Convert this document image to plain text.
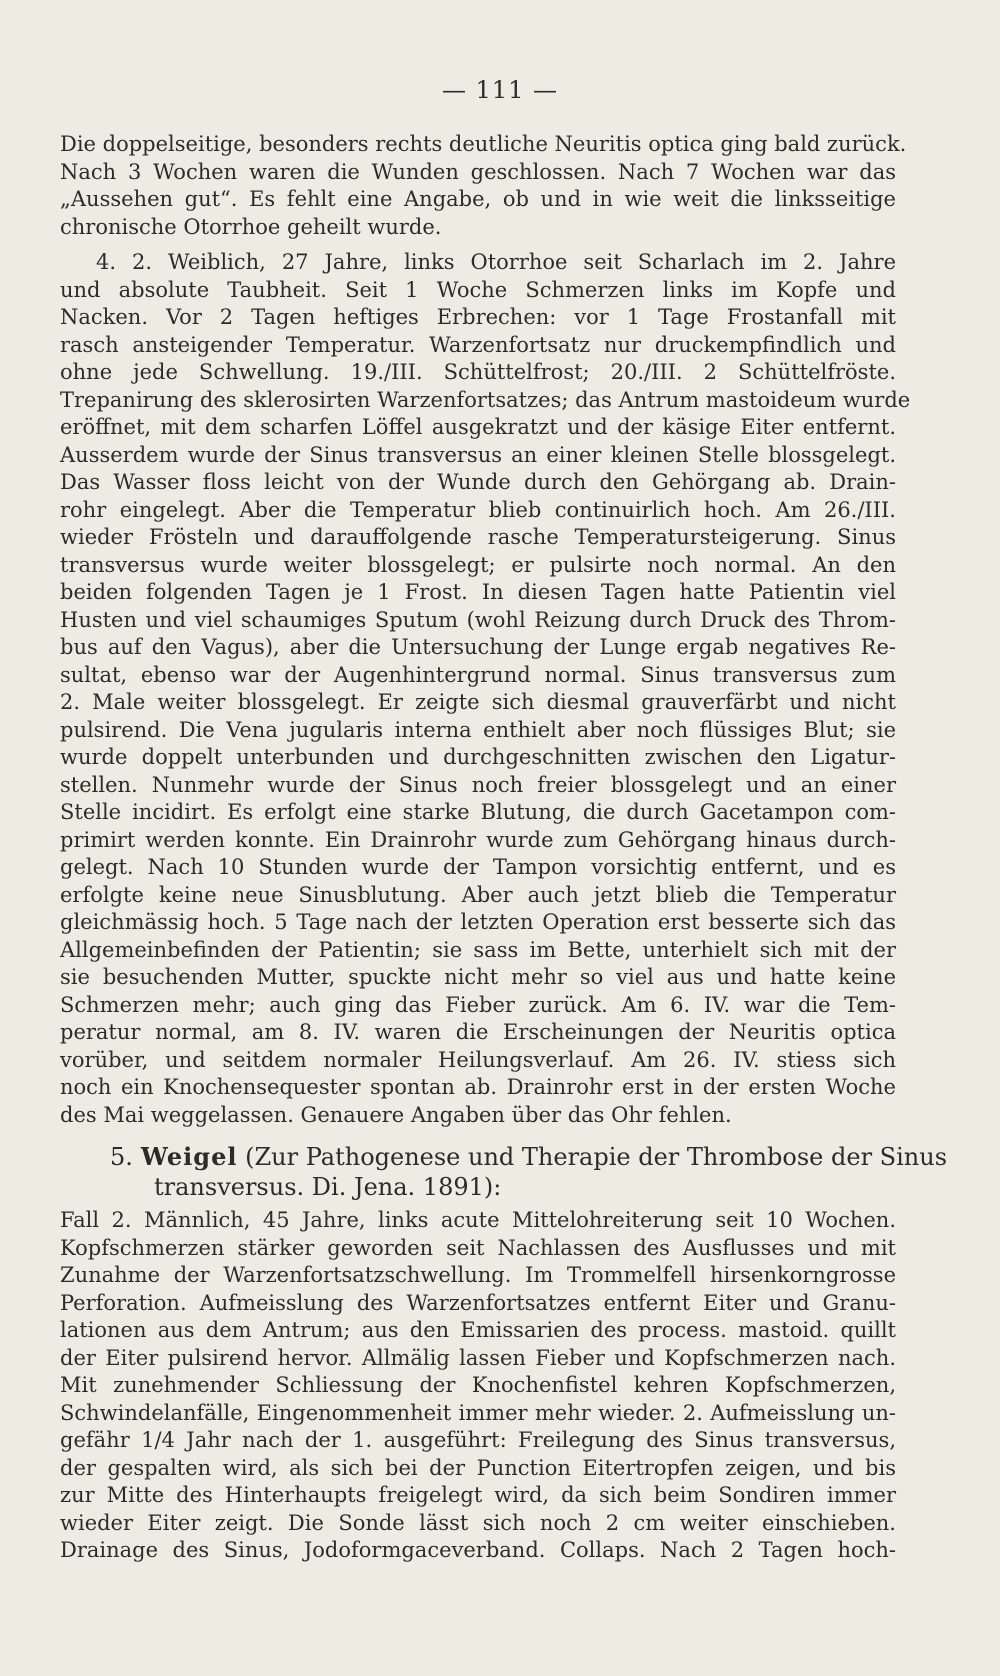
— 111 —
Die doppelseitige, besonders rechts deutliche Neuritis optica ging bald zurück.
Nach 3 Wochen waren die Wunden geschlossen. Nach 7 Wochen war das
„Aussehen gut“. Es fehlt eine Angabe, ob und in wie weit die linksseitige
chronische Otorrhoe geheilt wurde.
4. 2. Weiblich, 27 Jahre, links Otorrhoe seit Scharlach im 2. Jahre
und absolute Taubheit. Seit 1 Woche Schmerzen links im Kopfe und
Nacken. Vor 2 Tagen heftiges Erbrechen: vor 1 Tage Frostanfall mit
rasch ansteigender Temperatur. Warzenfortsatz nur druckempfindlich und
ohne jede Schwellung. 19./III. Schüttelfrost; 20./III. 2 Schüttelfröste.
Trepanirung des sklerosirten Warzenfortsatzes; das Antrum mastoideum wurde
eröffnet, mit dem scharfen Löffel ausgekratzt und der käsige Eiter entfernt.
Ausserdem wurde der Sinus transversus an einer kleinen Stelle blossgelegt.
Das Wasser floss leicht von der Wunde durch den Gehörgang ab. Drain-
rohr eingelegt. Aber die Temperatur blieb continuirlich hoch. Am 26./III.
wieder Frösteln und darauffolgende rasche Temperatursteigerung. Sinus
transversus wurde weiter blossgelegt; er pulsirte noch normal. An den
beiden folgenden Tagen je 1 Frost. In diesen Tagen hatte Patientin viel
Husten und viel schaumiges Sputum (wohl Reizung durch Druck des Throm-
bus auf den Vagus), aber die Untersuchung der Lunge ergab negatives Re-
sultat, ebenso war der Augenhintergrund normal. Sinus transversus zum
2. Male weiter blossgelegt. Er zeigte sich diesmal grauverfärbt und nicht
pulsirend. Die Vena jugularis interna enthielt aber noch flüssiges Blut; sie
wurde doppelt unterbunden und durchgeschnitten zwischen den Ligatur-
stellen. Nunmehr wurde der Sinus noch freier blossgelegt und an einer
Stelle incidirt. Es erfolgt eine starke Blutung, die durch Gacetampon com-
primirt werden konnte. Ein Drainrohr wurde zum Gehörgang hinaus durch-
gelegt. Nach 10 Stunden wurde der Tampon vorsichtig entfernt, und es
erfolgte keine neue Sinusblutung. Aber auch jetzt blieb die Temperatur
gleichmässig hoch. 5 Tage nach der letzten Operation erst besserte sich das
Allgemeinbefinden der Patientin; sie sass im Bette, unterhielt sich mit der
sie besuchenden Mutter, spuckte nicht mehr so viel aus und hatte keine
Schmerzen mehr; auch ging das Fieber zurück. Am 6. IV. war die Tem-
peratur normal, am 8. IV. waren die Erscheinungen der Neuritis optica
vorüber, und seitdem normaler Heilungsverlauf. Am 26. IV. stiess sich
noch ein Knochensequester spontan ab. Drainrohr erst in der ersten Woche
des Mai weggelassen. Genauere Angaben über das Ohr fehlen.
5. Weigel (Zur Pathogenese und Therapie der Thrombose der Sinus
transversus. Di. Jena. 1891):
Fall 2. Männlich, 45 Jahre, links acute Mittelohreiterung seit 10 Wochen.
Kopfschmerzen stärker geworden seit Nachlassen des Ausflusses und mit
Zunahme der Warzenfortsatzschwellung. Im Trommelfell hirsenkorngrosse
Perforation. Aufmeisslung des Warzenfortsatzes entfernt Eiter und Granu-
lationen aus dem Antrum; aus den Emissarien des process. mastoid. quillt
der Eiter pulsirend hervor. Allmälig lassen Fieber und Kopfschmerzen nach.
Mit zunehmender Schliessung der Knochenfistel kehren Kopfschmerzen,
Schwindelanfälle, Eingenommenheit immer mehr wieder. 2. Aufmeisslung un-
gefähr 1/4 Jahr nach der 1. ausgeführt: Freilegung des Sinus transversus,
der gespalten wird, als sich bei der Punction Eitertropfen zeigen, und bis
zur Mitte des Hinterhaupts freigelegt wird, da sich beim Sondiren immer
wieder Eiter zeigt. Die Sonde lässt sich noch 2 cm weiter einschieben.
Drainage des Sinus, Jodoformgaceverband. Collaps. Nach 2 Tagen hoch-
